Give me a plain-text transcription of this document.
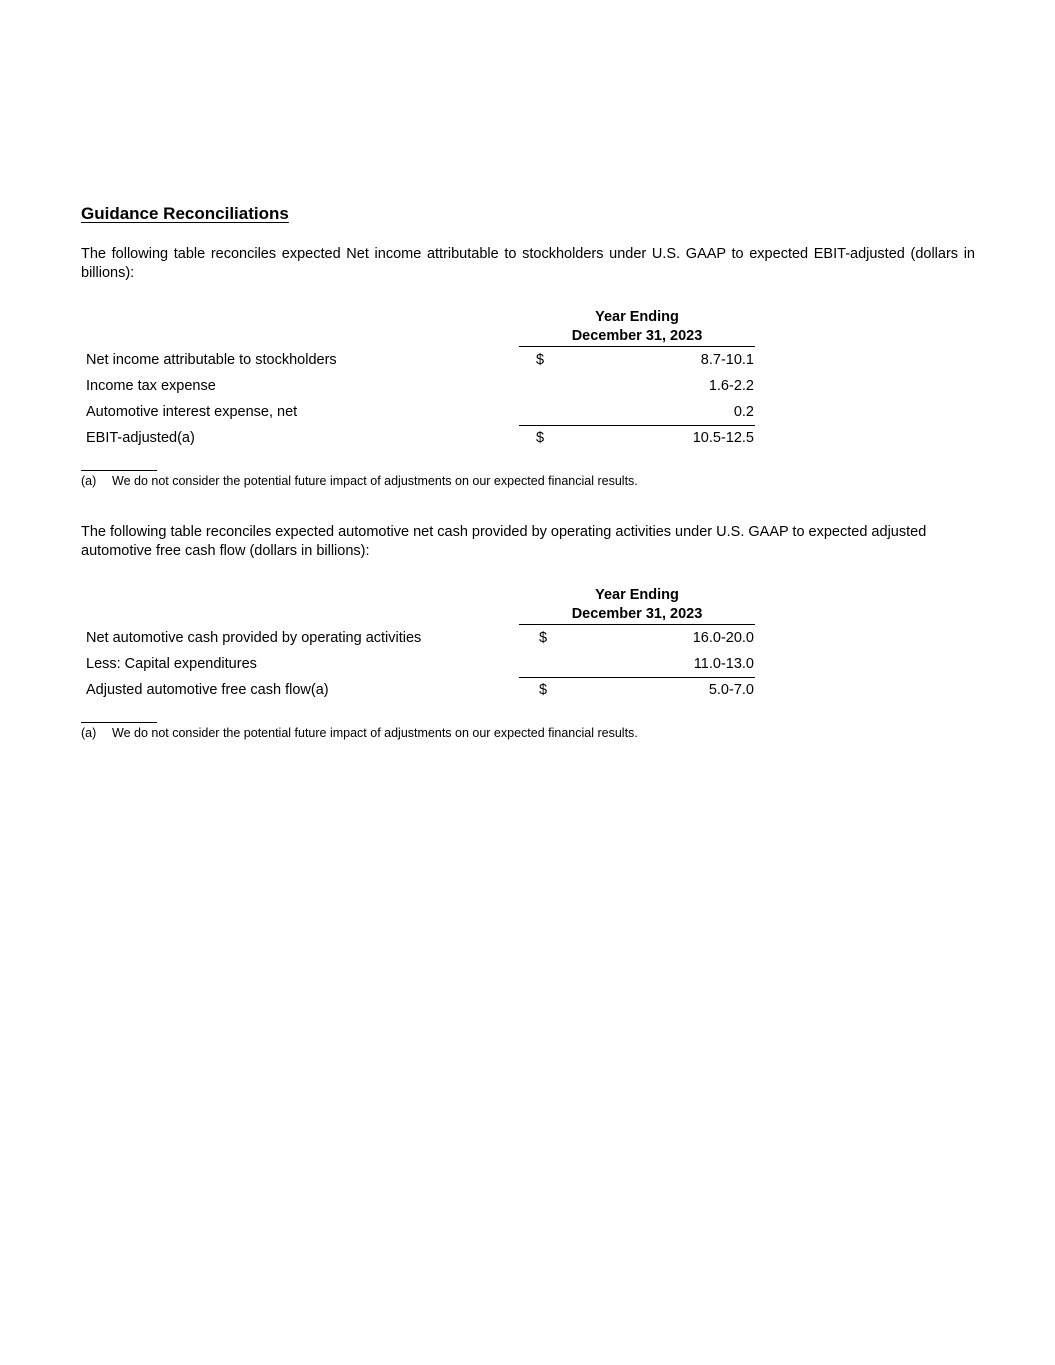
Guidance Reconciliations

The following table reconciles expected Net income attributable to stockholders under U.S. GAAP to expected EBIT-adjusted (dollars in billions):

Year Ending
December 31, 2023
Net income attributable to stockholders	$	8.7-10.1
Income tax expense	1.6-2.2
Automotive interest expense, net	0.2
EBIT-adjusted(a)	$	10.5-12.5
(a) We do not consider the potential future impact of adjustments on our expected financial results.

The following table reconciles expected automotive net cash provided by operating activities under U.S. GAAP to expected adjusted automotive free cash flow (dollars in billions):

Year Ending
December 31, 2023
Net automotive cash provided by operating activities	$	16.0-20.0
Less: Capital expenditures	11.0-13.0
Adjusted automotive free cash flow(a)	$	5.0-7.0
(a) We do not consider the potential future impact of adjustments on our expected financial results.
